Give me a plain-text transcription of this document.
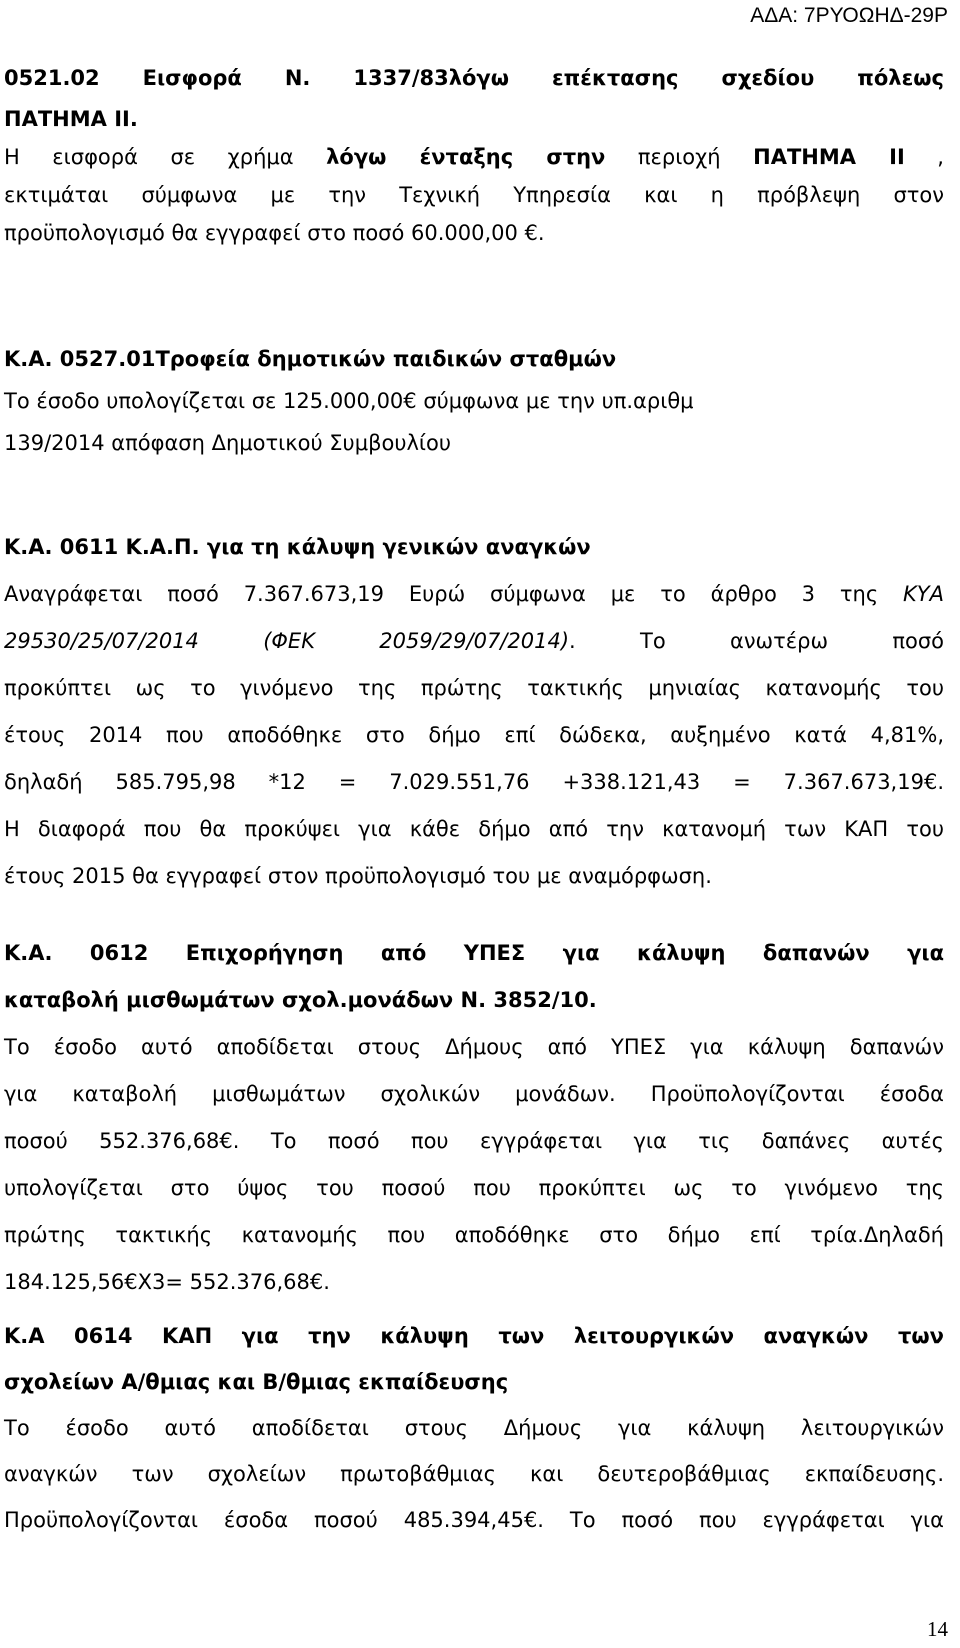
ΑΔΑ: 7ΡΥΟΩΗΔ-29Ρ
0521.02 Εισφορά Ν. 1337/83λόγω επέκτασης σχεδίου πόλεως
ΠΑΤΗΜΑ ΙΙ.
Η εισφορά σε χρήμα λόγω ένταξης στην περιοχή ΠΑΤΗΜΑ ΙΙ ,
εκτιμάται σύμφωνα με την Τεχνική Υπηρεσία και η πρόβλεψη στον
προϋπολογισμό θα εγγραφεί στο ποσό 60.000,00 €.
Κ.Α. 0527.01Τροφεία δημοτικών παιδικών σταθμών
Το έσοδο υπολογίζεται σε 125.000,00€ σύμφωνα με την υπ.αριθμ
139/2014 απόφαση Δημοτικού Συμβουλίου
Κ.Α. 0611 Κ.Α.Π. για τη κάλυψη γενικών αναγκών
Αναγράφεται ποσό 7.367.673,19 Ευρώ σύμφωνα με το άρθρο 3 της ΚΥΑ
29530/25/07/2014 (ΦΕΚ 2059/29/07/2014). Το ανωτέρω ποσό
προκύπτει ως το γινόμενο της πρώτης τακτικής μηνιαίας κατανομής του
έτους 2014 που αποδόθηκε στο δήμο επί δώδεκα, αυξημένο κατά 4,81%,
δηλαδή 585.795,98 *12 = 7.029.551,76 +338.121,43 = 7.367.673,19€.
Η διαφορά που θα προκύψει για κάθε δήμο από την κατανομή των ΚΑΠ του
έτους 2015 θα εγγραφεί στον προϋπολογισμό του με αναμόρφωση.
Κ.Α. 0612 Επιχορήγηση από ΥΠΕΣ για κάλυψη δαπανών για
καταβολή μισθωμάτων σχολ.μονάδων Ν. 3852/10.
Το έσοδο αυτό αποδίδεται στους Δήμους από ΥΠΕΣ για κάλυψη δαπανών
για καταβολή μισθωμάτων σχολικών μονάδων. Προϋπολογίζονται έσοδα
ποσού 552.376,68€. Το ποσό που εγγράφεται για τις δαπάνες αυτές
υπολογίζεται στο ύψος του ποσού που προκύπτει ως το γινόμενο της
πρώτης τακτικής κατανομής που αποδόθηκε στο δήμο επί τρία.Δηλαδή
184.125,56€Χ3= 552.376,68€.
Κ.Α 0614 ΚΑΠ για την κάλυψη των λειτουργικών αναγκών των
σχολείων Α/θμιας και Β/θμιας εκπαίδευσης
Το έσοδο αυτό αποδίδεται στους Δήμους για κάλυψη λειτουργικών
αναγκών των σχολείων πρωτοβάθμιας και δευτεροβάθμιας εκπαίδευσης.
Προϋπολογίζονται έσοδα ποσού 485.394,45€. Το ποσό που εγγράφεται για
14
